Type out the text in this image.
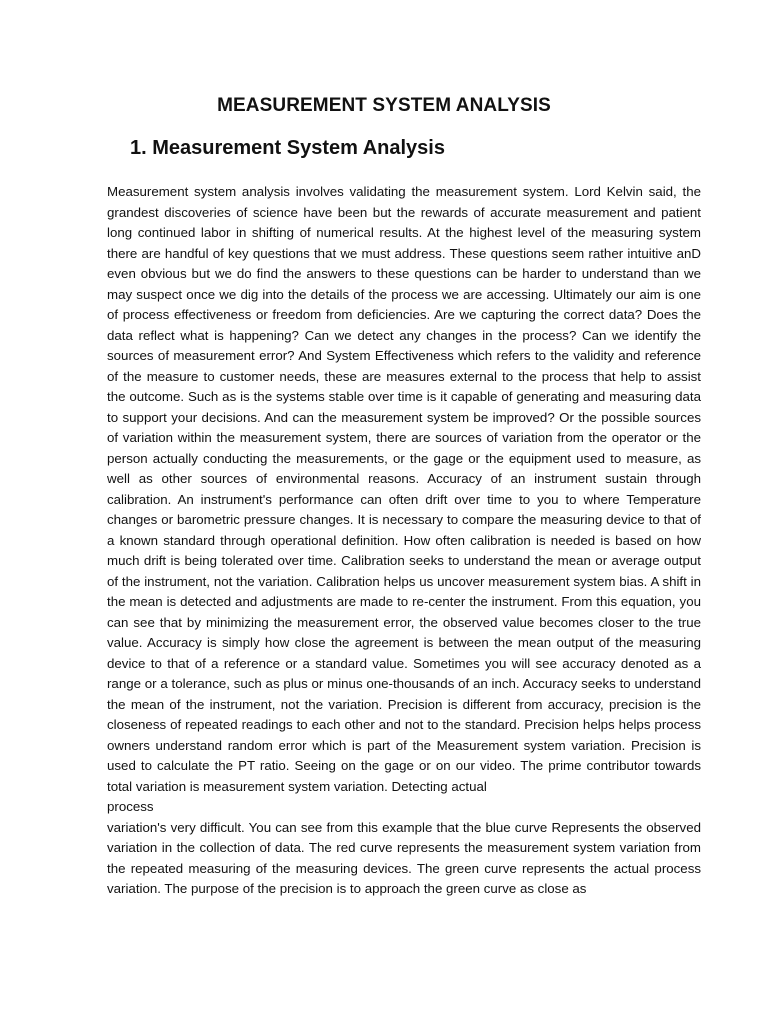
MEASUREMENT SYSTEM ANALYSIS
1. Measurement System Analysis

Measurement system analysis involves validating the measurement system. Lord Kelvin said, the grandest discoveries of science have been but the rewards of accurate measurement and patient long continued labor in shifting of numerical results. At the highest level of the measuring system there are handful of key questions that we must address. These questions seem rather intuitive anD even obvious but we do find the answers to these questions can be harder to understand than we may suspect once we dig into the details of the process we are accessing. Ultimately our aim is one of process effectiveness or freedom from deficiencies. Are we capturing the correct data? Does the data reflect what is happening? Can we detect any changes in the process? Can we identify the sources of measurement error? And System Effectiveness which refers to the validity and reference of the measure to customer needs, these are measures external to the process that help to assist the outcome. Such as is the systems stable over time is it capable of generating and measuring data to support your decisions. And can the measurement system be improved? Or the possible sources of variation within the measurement system, there are sources of variation from the operator or the person actually conducting the measurements, or the gage or the equipment used to measure, as well as other sources of environmental reasons. Accuracy of an instrument sustain through calibration. An instrument's performance can often drift over time to you to where Temperature changes or barometric pressure changes. It is necessary to compare the measuring device to that of a known standard through operational definition. How often calibration is needed is based on how much drift is being tolerated over time. Calibration seeks to understand the mean or average output of the instrument, not the variation. Calibration helps us uncover measurement system bias. A shift in the mean is detected and adjustments are made to re-center the instrument. From this equation, you can see that by minimizing the measurement error, the observed value becomes closer to the true value. Accuracy is simply how close the agreement is between the mean output of the measuring device to that of a reference or a standard value. Sometimes you will see accuracy denoted as a range or a tolerance, such as plus or minus one-thousands of an inch. Accuracy seeks to understand the mean of the instrument, not the variation. Precision is different from accuracy, precision is the closeness of repeated readings to each other and not to the standard. Precision helps helps process owners understand random error which is part of the Measurement system variation. Precision is used to calculate the PT ratio. Seeing on the gage or on our video. The prime contributor towards total variation is measurement system variation. Detecting actual

process

variation's very difficult. You can see from this example that the blue curve Represents the observed variation in the collection of data. The red curve represents the measurement system variation from the repeated measuring of the measuring devices. The green curve represents the actual process variation. The purpose of the precision is to approach the green curve as close as
